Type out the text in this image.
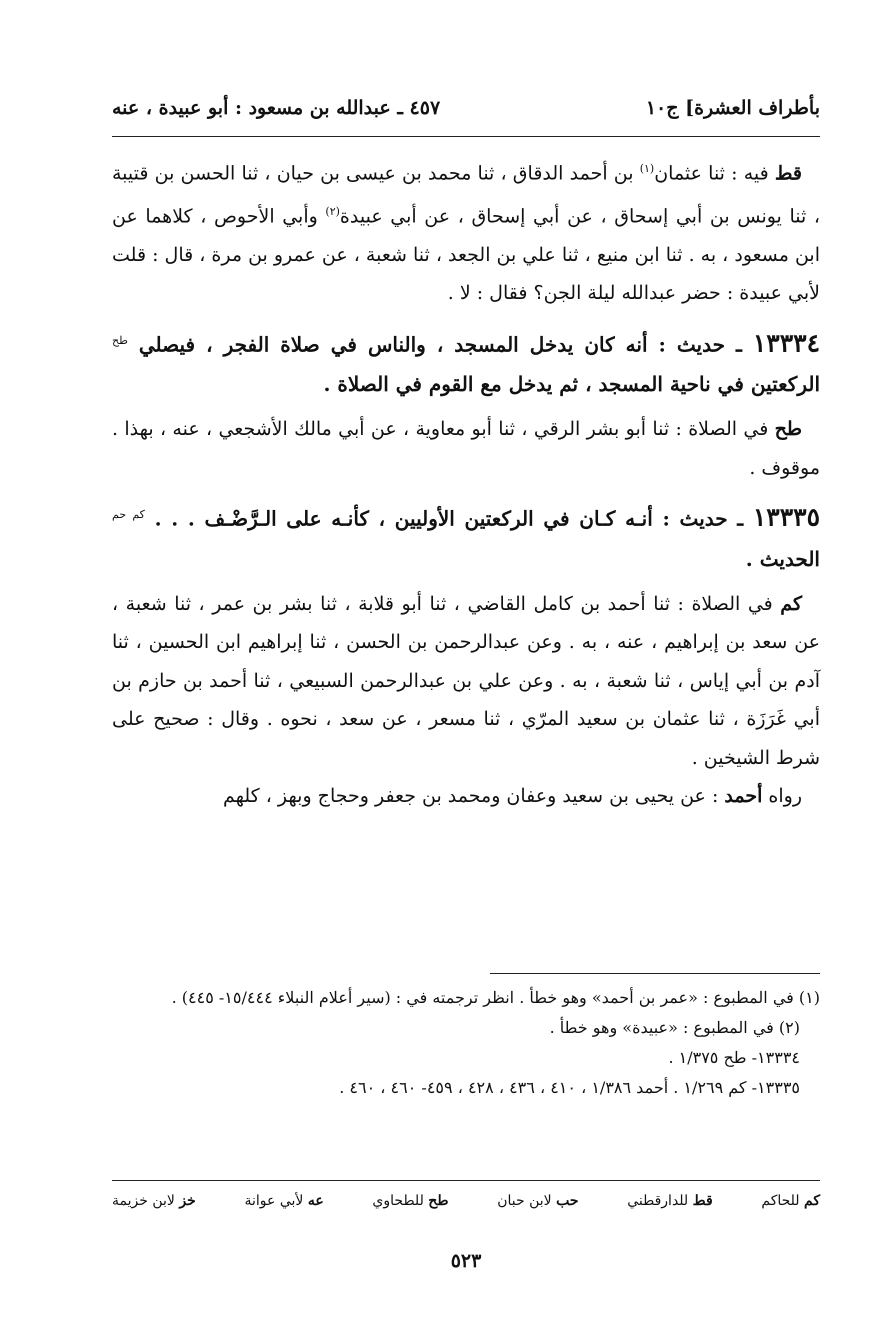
بأطراف العشرة] ج١٠
٤٥٧ ـ عبدالله بن مسعود : أبو عبيدة ، عنه

قط فيه : ثنا عثمان$^{(١)}$ بن أحمد الدقاق ، ثنا محمد بن عيسى بن حيان ، ثنا الحسن بن قتيبة ، ثنا يونس بن أبي إسحاق ، عن أبي إسحاق ، عن أبي عبيدة$^{(٢)}$ وأبي الأحوص ، كلاهما عن ابن مسعود ، به . ثنا ابن منيع ، ثنا علي بن الجعد ، ثنا شعبة ، عن عمرو بن مرة ، قال : قلت لأبي عبيدة : حضر عبدالله ليلة الجن؟ فقال : لا .

١٣٣٣٤ ـ حديث : أنه كان يدخل المسجد ، والناس في صلاة الفجر ، فيصلي $^{طح}$ الركعتين في ناحية المسجد ، ثم يدخل مع القوم في الصلاة .

طح في الصلاة : ثنا أبو بشر الرقي ، ثنا أبو معاوية ، عن أبي مالك الأشجعي ، عنه ، بهذا . موقوف .

١٣٣٣٥ ـ حديث : أنـه كـان في الركعتين الأوليين ، كأنـه على الـرَّضْـف . . . $^{كم حم}$ الحديث .

كم في الصلاة : ثنا أحمد بن كامل القاضي ، ثنا أبو قلابة ، ثنا بشر بن عمر ، ثنا شعبة ، عن سعد بن إبراهيم ، عنه ، به . وعن عبدالرحمن بن الحسن ، ثنا إبراهيم ابن الحسين ، ثنا آدم بن أبي إياس ، ثنا شعبة ، به . وعن علي بن عبدالرحمن السبيعي ، ثنا أحمد بن حازم بن أبي غَرَزَة ، ثنا عثمان بن سعيد المرّي ، ثنا مسعر ، عن سعد ، نحوه . وقال : صحيح على شرط الشيخين .

رواه أحمد : عن يحيى بن سعيد وعفان ومحمد بن جعفر وحجاج وبهز ، كلهم

(١) في المطبوع : «عمر بن أحمد» وهو خطأ . انظر ترجمته في : (سير أعلام النبلاء ١٥/٤٤٤- ٤٤٥) .

(٢) في المطبوع : «عبيدة» وهو خطأ .

١٣٣٣٤- طح ١/٣٧٥ .

١٣٣٣٥- كم ١/٢٦٩ . أحمد ١/٣٨٦ ، ٤١٠ ، ٤٣٦ ، ٤٢٨ ، ٤٥٩- ٤٦٠ ، ٤٦٠ .

كم للحاكم
قط للدارقطني
حب لابن حبان
طح للطحاوي
عه لأبي عوانة
خز لابن خزيمة
٥٢٣
